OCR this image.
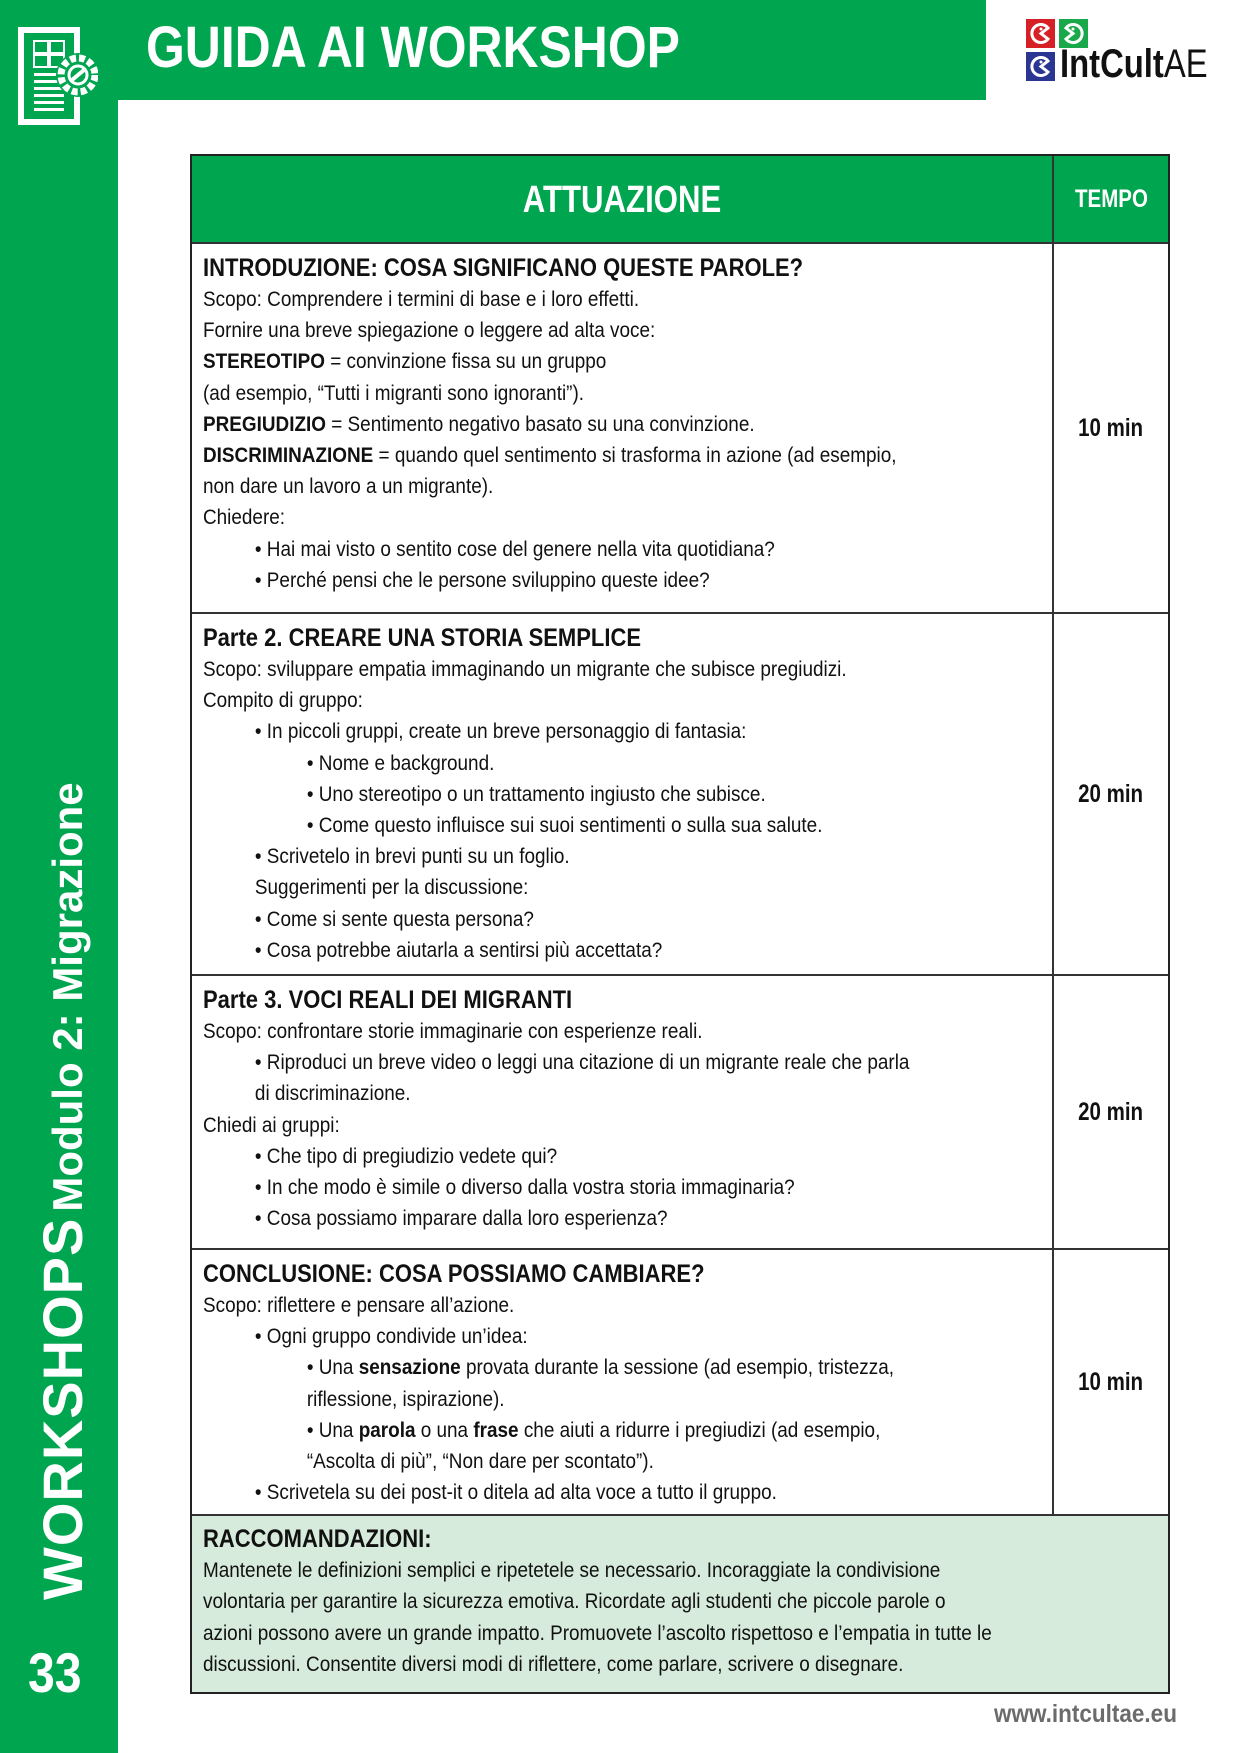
GUIDA AI WORKSHOP	IntCultAE
WORKSHOPSModulo 2: Migrazione
33
ATTUAZIONE	TEMPO
INTRODUZIONE: COSA SIGNIFICANO QUESTE PAROLE?
Scopo: Comprendere i termini di base e i loro effetti.
Fornire una breve spiegazione o leggere ad alta voce:
STEREOTIPO = convinzione fissa su un gruppo
(ad esempio, “Tutti i migranti sono ignoranti”).
PREGIUDIZIO = Sentimento negativo basato su una convinzione.
DISCRIMINAZIONE = quando quel sentimento si trasforma in azione (ad esempio,
non dare un lavoro a un migrante).
Chiedere:
• Hai mai visto o sentito cose del genere nella vita quotidiana?
• Perché pensi che le persone sviluppino queste idee?
10 min
Parte 2. CREARE UNA STORIA SEMPLICE
Scopo: sviluppare empatia immaginando un migrante che subisce pregiudizi.
Compito di gruppo:
• In piccoli gruppi, create un breve personaggio di fantasia:
• Nome e background.
• Uno stereotipo o un trattamento ingiusto che subisce.
• Come questo influisce sui suoi sentimenti o sulla sua salute.
• Scrivetelo in brevi punti su un foglio.
Suggerimenti per la discussione:
• Come si sente questa persona?
• Cosa potrebbe aiutarla a sentirsi più accettata?
20 min
Parte 3. VOCI REALI DEI MIGRANTI
Scopo: confrontare storie immaginarie con esperienze reali.
• Riproduci un breve video o leggi una citazione di un migrante reale che parla
di discriminazione.
Chiedi ai gruppi:
• Che tipo di pregiudizio vedete qui?
• In che modo è simile o diverso dalla vostra storia immaginaria?
• Cosa possiamo imparare dalla loro esperienza?
20 min
CONCLUSIONE: COSA POSSIAMO CAMBIARE?
Scopo: riflettere e pensare all’azione.
• Ogni gruppo condivide un’idea:
• Una sensazione provata durante la sessione (ad esempio, tristezza,
riflessione, ispirazione).
• Una parola o una frase che aiuti a ridurre i pregiudizi (ad esempio,
“Ascolta di più”, “Non dare per scontato”).
• Scrivetela su dei post-it o ditela ad alta voce a tutto il gruppo.
10 min
RACCOMANDAZIONI:
Mantenete le definizioni semplici e ripetetele se necessario. Incoraggiate la condivisione
volontaria per garantire la sicurezza emotiva. Ricordate agli studenti che piccole parole o
azioni possono avere un grande impatto. Promuovete l’ascolto rispettoso e l’empatia in tutte le
discussioni. Consentite diversi modi di riflettere, come parlare, scrivere o disegnare.
www.intcultae.eu
